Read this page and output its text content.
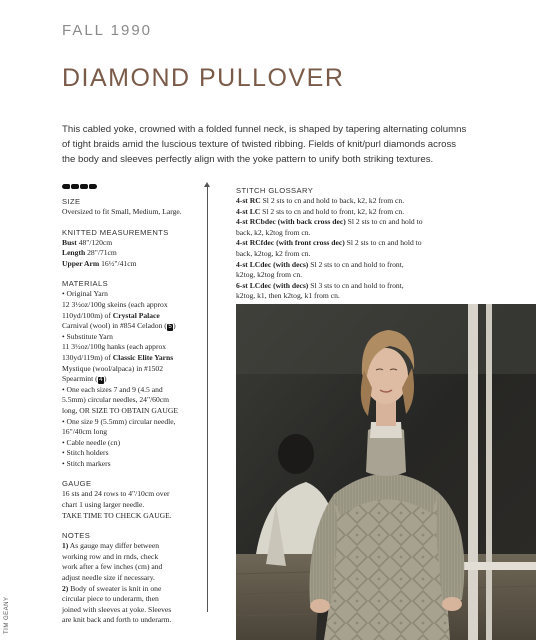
FALL 1990
DIAMOND PULLOVER

This cabled yoke, crowned with a folded funnel neck, is shaped by tapering alternating columns of tight braids amid the luscious texture of twisted ribbing. Fields of knit/purl diamonds across the body and sleeves perfectly align with the yoke pattern to unify both striking textures.

SIZE
Oversized to fit Small, Medium, Large.
KNITTED MEASUREMENTS
Bust 48"/120cm
Length 28"/71cm
Upper Arm 16½"/41cm
MATERIALS
• Original Yarn
12 3½oz/100g skeins (each approx
110yd/100m) of Crystal Palace
Carnival (wool) in #854 Celadon ( 5 )
• Substitute Yarn
11 3½oz/100g hanks (each approx
130yd/119m) of Classic Elite Yarns
Mystique (wool/alpaca) in #1502
Spearmint ( 4 )
• One each sizes 7 and 9 (4.5 and
5.5mm) circular needles, 24"/60cm
long, OR SIZE TO OBTAIN GAUGE
• One size 9 (5.5mm) circular needle,
16"/40cm long
• Cable needle (cn)
• Stitch holders
• Stitch markers
GAUGE
16 sts and 24 rows to 4"/10cm over
chart 1 using larger needle.
TAKE TIME TO CHECK GAUGE.
NOTES
1) As gauge may differ between
working row and in rnds, check
work after a few inches (cm) and
adjust needle size if necessary.
2) Body of sweater is knit in one
circular piece to underarm, then
joined with sleeves at yoke. Sleeves
are knit back and forth to underarm.
STITCH GLOSSARY
4-st RC Sl 2 sts to cn and hold to back, k2, k2 from cn.
4-st LC Sl 2 sts to cn and hold to front, k2, k2 from cn.
4-st RCbdec (with back cross dec) Sl 2 sts to cn and hold to
back, k2, k2tog from cn.
4-st RCfdec (with front cross dec) Sl 2 sts to cn and hold to
back, k2tog, k2 from cn.
4-st LCdec (with decs) Sl 2 sts to cn and hold to front,
k2tog, k2tog from cn.
6-st LCdec (with decs) Sl 3 sts to cn and hold to front,
k2tog, k1, then k2tog, k1 from cn.
TIM GEANY
